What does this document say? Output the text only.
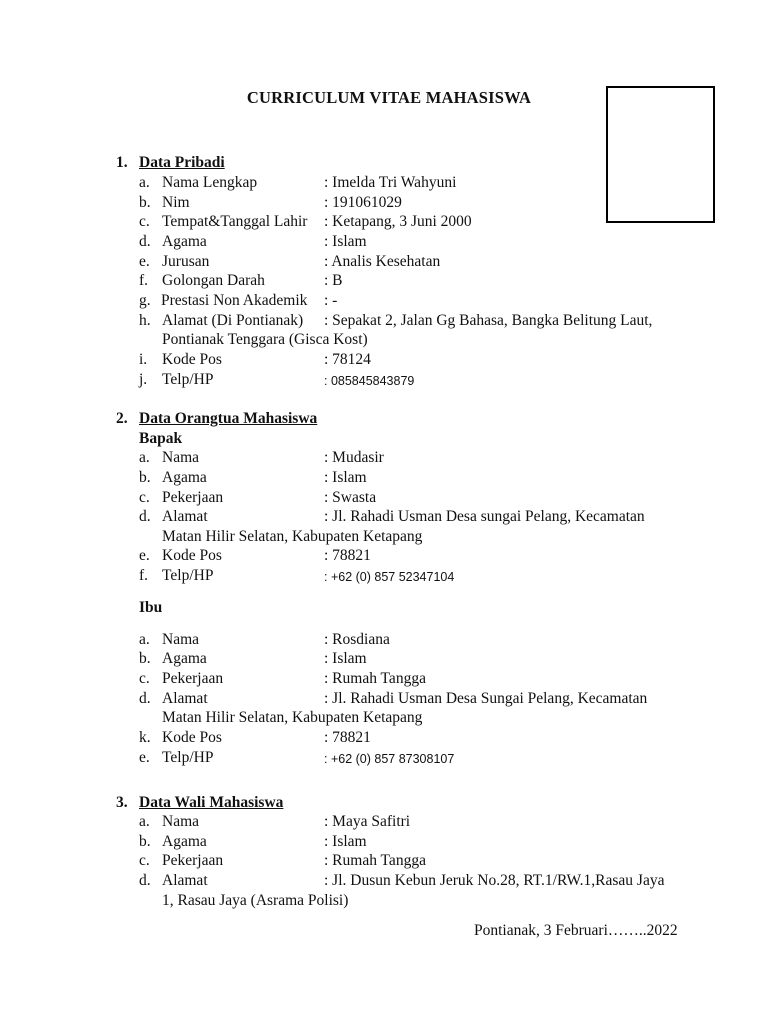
CURRICULUM VITAE MAHASISWA
1. Data Pribadi
a. Nama Lengkap	: Imelda Tri Wahyuni
b. Nim	: 191061029
c. Tempat&Tanggal Lahir : Ketapang, 3 Juni 2000
d. Agama	: Islam
e. Jurusan	: Analis Kesehatan
f. Golongan Darah	: B
g. Prestasi Non Akademik : -
h. Alamat (Di Pontianak) : Sepakat 2, Jalan Gg Bahasa, Bangka Belitung Laut,
Pontianak Tenggara (Gisca Kost)
i. Kode Pos	: 78124
j. Telp/HP	: 085845843879
2. Data Orangtua Mahasiswa
Bapak
a. Nama	: Mudasir
b. Agama	: Islam
c. Pekerjaan	: Swasta
d. Alamat	: Jl. Rahadi Usman Desa sungai Pelang, Kecamatan
Matan Hilir Selatan, Kabupaten Ketapang
e. Kode Pos	: 78821
f. Telp/HP	: +62 (0) 857 52347104
Ibu
a. Nama	: Rosdiana
b. Agama	: Islam
c. Pekerjaan	: Rumah Tangga
d. Alamat	: Jl. Rahadi Usman Desa Sungai Pelang, Kecamatan
Matan Hilir Selatan, Kabupaten Ketapang
k. Kode Pos	: 78821
e. Telp/HP	: +62 (0) 857 87308107
3. Data Wali Mahasiswa
a. Nama	: Maya Safitri
b. Agama	: Islam
c. Pekerjaan	: Rumah Tangga
d. Alamat	: Jl. Dusun Kebun Jeruk No.28, RT.1/RW.1,Rasau Jaya
1, Rasau Jaya (Asrama Polisi)
Pontianak, 3 Februari……..2022
